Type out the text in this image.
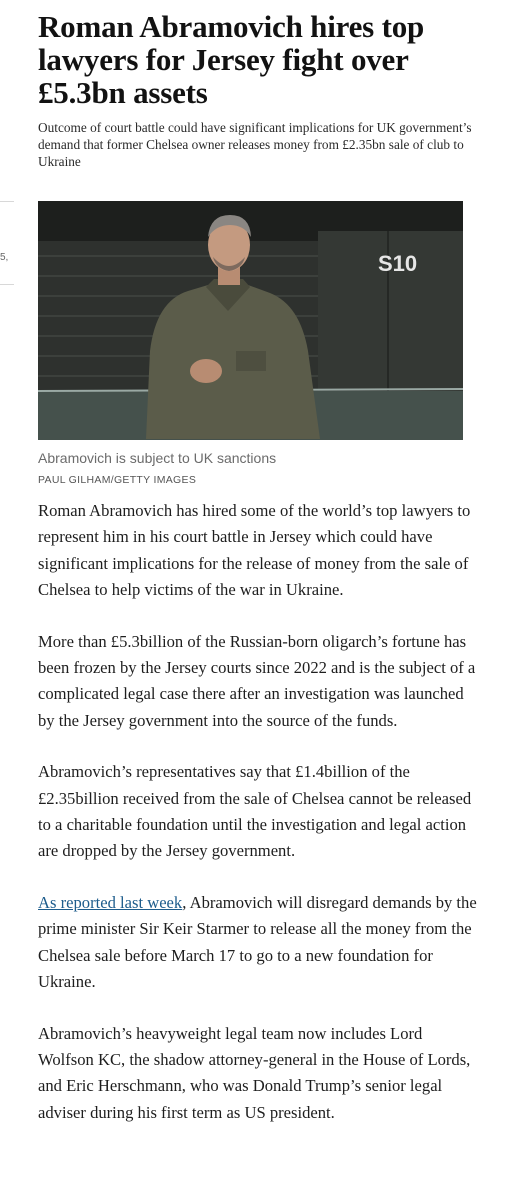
5,
Roman Abramovich hires top lawyers for Jersey fight over £5.3bn assets

Outcome of court battle could have significant implications for UK government’s demand that former Chelsea owner releases money from £2.35bn sale of club to Ukraine

S10

Abramovich is subject to UK sanctions

PAUL GILHAM/GETTY IMAGES

Roman Abramovich has hired some of the world’s top lawyers to represent him in his court battle in Jersey which could have significant implications for the release of money from the sale of Chelsea to help victims of the war in Ukraine.

More than £5.3billion of the Russian-born oligarch’s fortune has been frozen by the Jersey courts since 2022 and is the subject of a complicated legal case there after an investigation was launched by the Jersey government into the source of the funds.

Abramovich’s representatives say that £1.4billion of the £2.35billion received from the sale of Chelsea cannot be released to a charitable foundation until the investigation and legal action are dropped by the Jersey government.

As reported last week, Abramovich will disregard demands by the prime minister Sir Keir Starmer to release all the money from the Chelsea sale before March 17 to go to a new foundation for Ukraine.

Abramovich’s heavyweight legal team now includes Lord Wolfson KC, the shadow attorney-general in the House of Lords, and Eric Herschmann, who was Donald Trump’s senior legal adviser during his first term as US president.
